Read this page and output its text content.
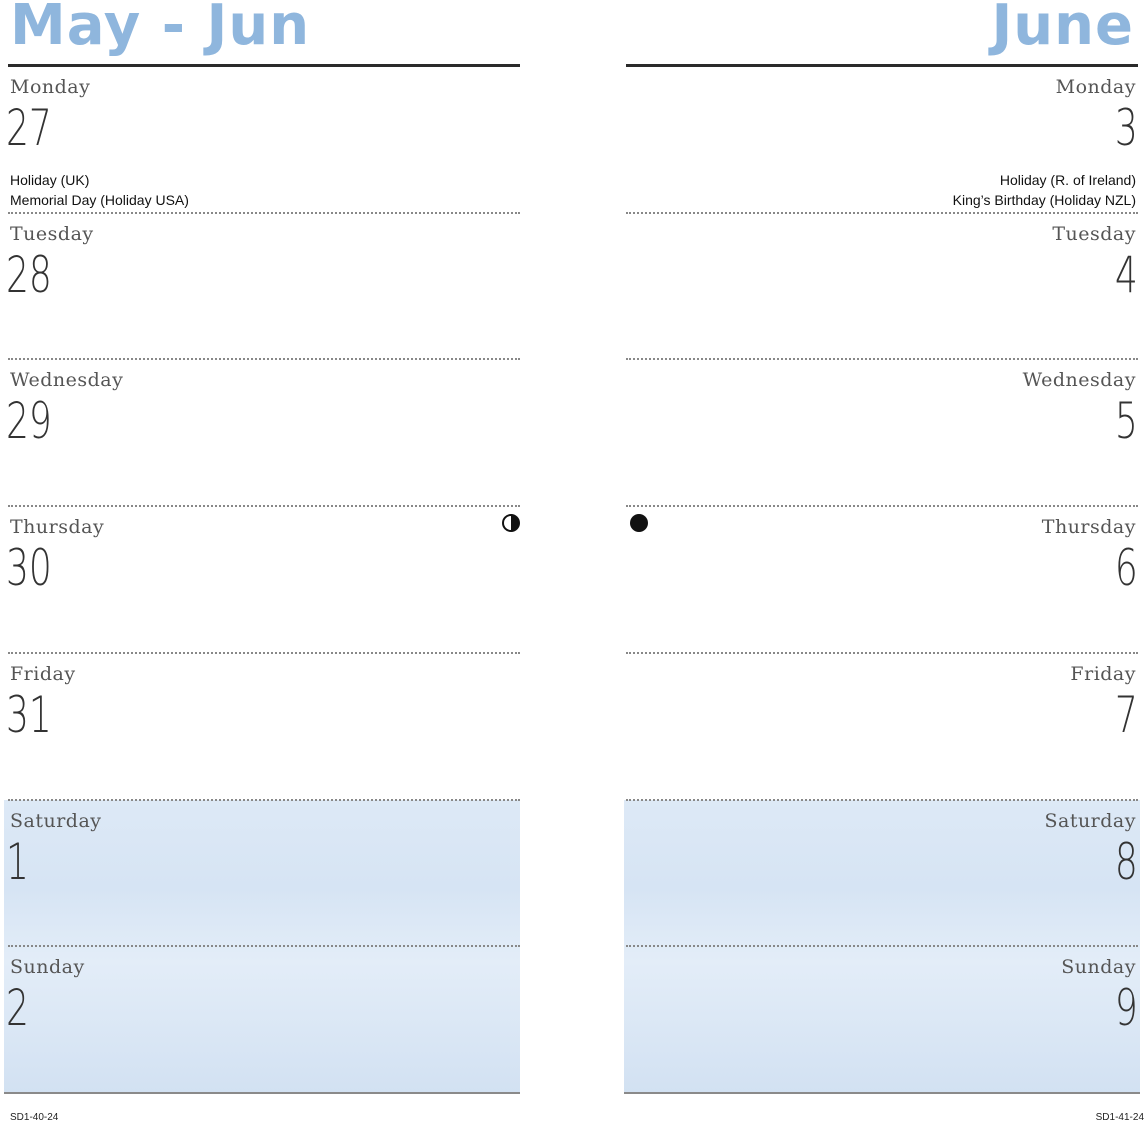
May - Jun
Monday
27
Holiday (UK)
Memorial Day (Holiday USA)
Tuesday
28
Wednesday
29
Thursday
30
Friday
31
Saturday
1
Sunday
2
SD1-40-24
June
Monday
3
Holiday (R. of Ireland)
King’s Birthday (Holiday NZL)
Tuesday
4
Wednesday
5
Thursday
6
Friday
7
Saturday
8
Sunday
9
SD1-41-24
